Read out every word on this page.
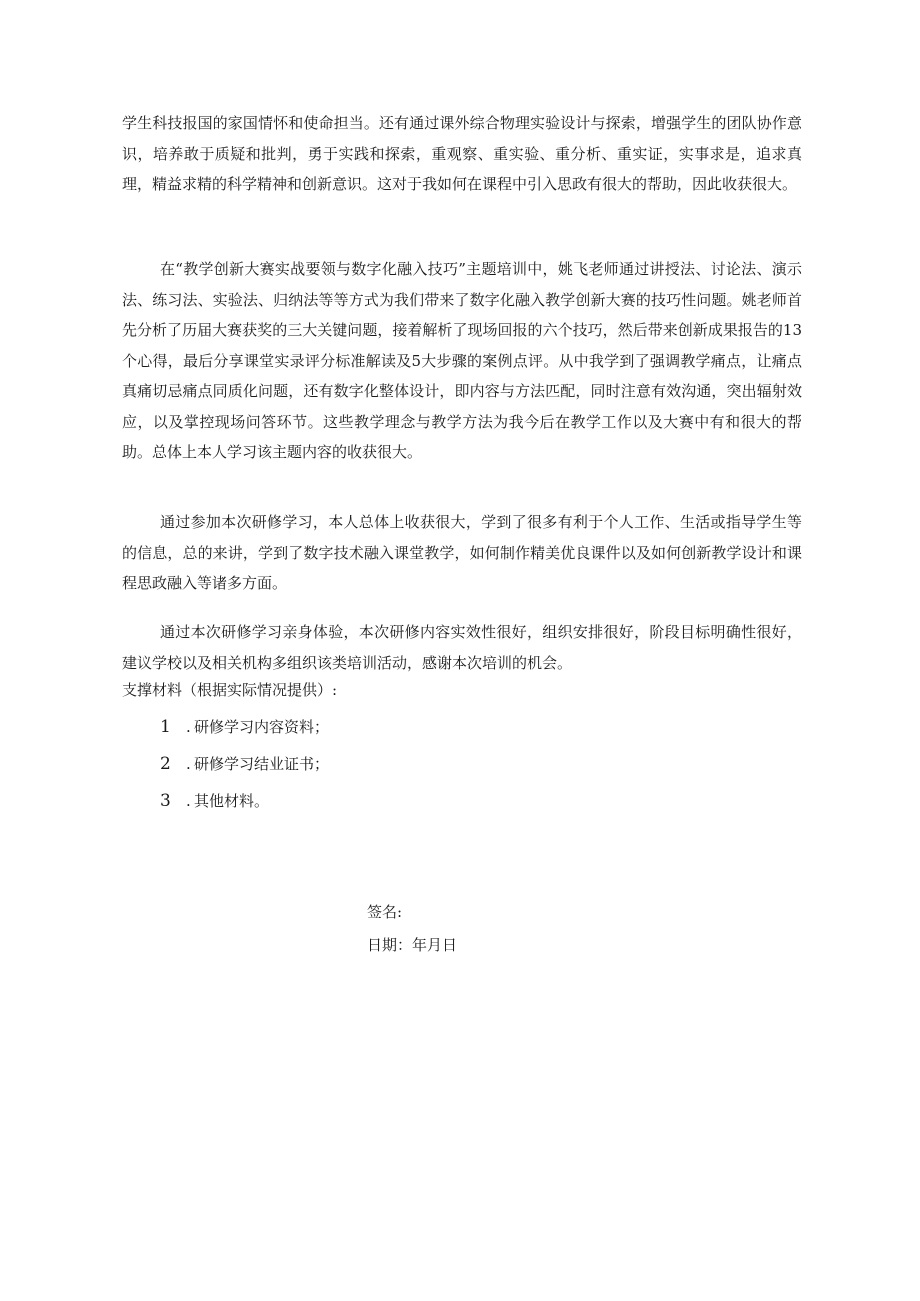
学生科技报国的家国情怀和使命担当。还有通过课外综合物理实验设计与探索，增强学生的团队协作意识，培养敢于质疑和批判，勇于实践和探索，重观察、重实验、重分析、重实证，实事求是，追求真理，精益求精的科学精神和创新意识。这对于我如何在课程中引入思政有很大的帮助，因此收获很大。

在“教学创新大赛实战要领与数字化融入技巧”主题培训中，姚飞老师通过讲授法、讨论法、演示法、练习法、实验法、归纳法等等方式为我们带来了数字化融入教学创新大赛的技巧性问题。姚老师首先分析了历届大赛获奖的三大关键问题，接着解析了现场回报的六个技巧，然后带来创新成果报告的13个心得，最后分享课堂实录评分标准解读及5大步骤的案例点评。从中我学到了强调教学痛点，让痛点真痛切忌痛点同质化问题，还有数字化整体设计，即内容与方法匹配，同时注意有效沟通，突出辐射效应，以及掌控现场问答环节。这些教学理念与教学方法为我今后在教学工作以及大赛中有和很大的帮助。总体上本人学习该主题内容的收获很大。

通过参加本次研修学习，本人总体上收获很大，学到了很多有利于个人工作、生活或指导学生等的信息，总的来讲，学到了数字技术融入课堂教学，如何制作精美优良课件以及如何创新教学设计和课程思政融入等诸多方面。

通过本次研修学习亲身体验，本次研修内容实效性很好，组织安排很好，阶段目标明确性很好，建议学校以及相关机构多组织该类培训活动，感谢本次培训的机会。

支撑材料（根据实际情况提供）:

1 . 研修学习内容资料；
2 . 研修学习结业证书；
3 . 其他材料。

签名:

日期：年月日
